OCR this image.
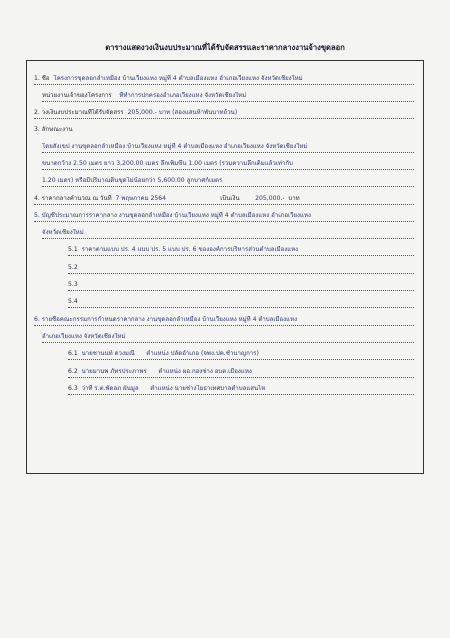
ตารางแสดงวงเงินงบประมาณที่ได้รับจัดสรรและราคากลางงานจ้างขุดลอก
1. ชื่อ โครงการขุดลอกลำเหมือง บ้านเวียงแหง หมู่ที่ 4 ตำบลเมืองแหง อำเภอเวียงแหง จังหวัดเชียงใหม่
หน่วยงานเจ้าของโครงการ ที่ทำการปกครองอำเภอเวียงแหง จังหวัดเชียงใหม่
2. วงเงินงบประมาณที่ได้รับจัดสรร 205,000.- บาท (สองแสนห้าพันบาทถ้วน)
3. ลักษณะงาน
โดยสังเขป งานขุดลอกลำเหมือง บ้านเวียงแหง หมู่ที่ 4 ตำบลเมืองแหง อำเภอเวียงแหง จังหวัดเชียงใหม่
ขนาดกว้าง 2.50 เมตร ยาว 3,200.00 เมตร ลึกเพิ่มขึ้น 1.00 เมตร (รวมความลึกเดิมแล้วเท่ากับ
1.20 เมตร) หรือมีปริมาณดินขุดไม่น้อยกว่า 5,600.00 ลูกบาศก์เมตร
4. ราคากลางคำนวณ ณ วันที่ 7 พฤษภาคม 2564	เป็นเงิน	205,000.- บาท
5. บัญชีประมาณการราคากลาง งานขุดลอกลำเหมือง บ้านเวียงแหง หมู่ที่ 4 ตำบลเมืองแหง อำเภอเวียงแหง
จังหวัดเชียงใหม่
5.1 ราคาตามแบบ ปร. 4 แบบ ปร. 5 แบบ ปร. 6 ขององค์การบริหารส่วนตำบลเมืองแหง
5.2
5.3
5.4
6. รายชื่อคณะกรรมการกำหนดราคากลาง งานขุดลอกลำเหมือง บ้านเวียงแหง หมู่ที่ 4 ตำบลเมืองแหง
อำเภอเวียงแหง จังหวัดเชียงใหม่
6.1 นายชานนท์ ดวงมณี ตำแหน่ง ปลัดอำเภอ (จพง.ปค.ชำนาญการ)
6.2 นายมานพ ภัทรประภาพร ตำแหน่ง ผอ.กองช่าง อบต.เมืองแหง
6.3 ว่าที่ ร.ต.พัดลภ ผั้นมูล ตำแหน่ง นายช่างโยธาเทศบาลตำบลแสนไห
